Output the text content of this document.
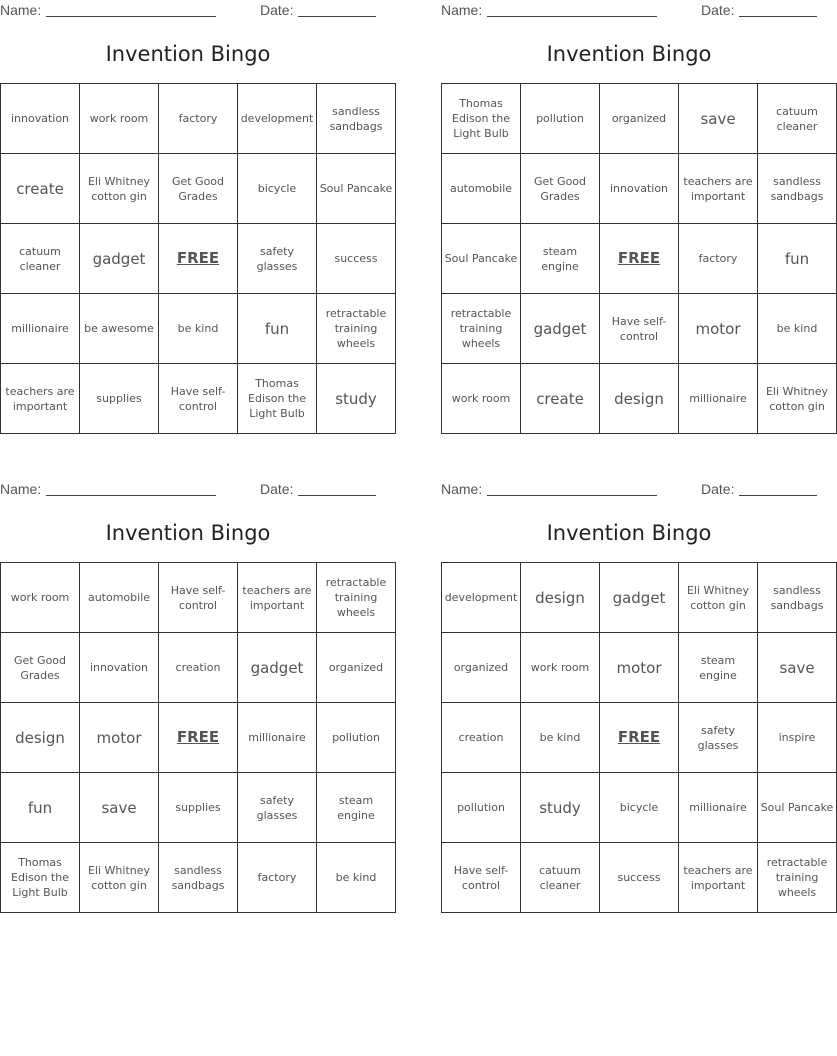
Name:	Date:
Invention Bingo
innovation	work room	factory	development	sandless sandbags
create	Eli Whitney cotton gin	Get Good Grades	bicycle	Soul Pancake
catuum cleaner	gadget	FREE	safety glasses	success
millionaire	be awesome	be kind	fun	retractable training wheels
teachers are important	supplies	Have self-control	Thomas Edison the Light Bulb	study
Name:	Date:
Invention Bingo
Thomas Edison the Light Bulb	pollution	organized	save	catuum cleaner
automobile	Get Good Grades	innovation	teachers are important	sandless sandbags
Soul Pancake	steam engine	FREE	factory	fun
retractable training wheels	gadget	Have self-control	motor	be kind
work room	create	design	millionaire	Eli Whitney cotton gin
Name:	Date:
Invention Bingo
work room	automobile	Have self-control	teachers are important	retractable training wheels
Get Good Grades	innovation	creation	gadget	organized
design	motor	FREE	millionaire	pollution
fun	save	supplies	safety glasses	steam engine
Thomas Edison the Light Bulb	Eli Whitney cotton gin	sandless sandbags	factory	be kind
Name:	Date:
Invention Bingo
development	design	gadget	Eli Whitney cotton gin	sandless sandbags
organized	work room	motor	steam engine	save
creation	be kind	FREE	safety glasses	inspire
pollution	study	bicycle	millionaire	Soul Pancake
Have self-control	catuum cleaner	success	teachers are important	retractable training wheels
